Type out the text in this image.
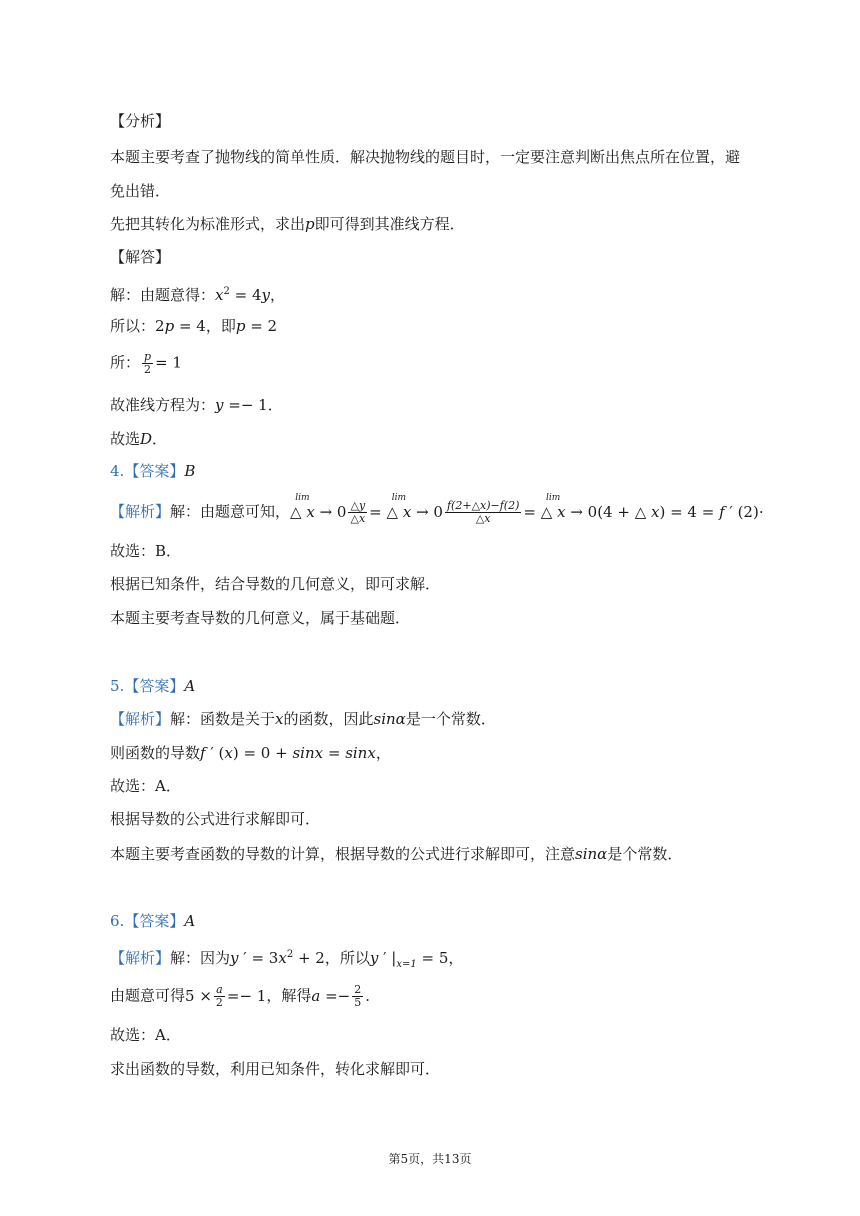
【分析】
本题主要考查了抛物线的简单性质．解决抛物线的题目时，一定要注意判断出焦点所在位置，避
免出错．
先把其转化为标准形式，求出p即可得到其准线方程．
【解答】
解：由题意得：$x^2 = 4y$，
所以：2p = 4，即p = 2
所： $\frac{p}{2} = 1$
故准线方程为：y =− 1．
故选D．
4.【答案】B
【解析】解：由题意可知，△ x
lim
→ $0 \frac{\triangle y}{\triangle x}$ = △ x
lim
→ $0 \frac{f(2+\triangle x)-f(2)}{\triangle x}$ = △ x
lim
→ 0(4 + △ x) = 4 = f ′ (2)·
故选：B．
根据已知条件，结合导数的几何意义，即可求解．
本题主要考查导数的几何意义，属于基础题．
5.【答案】A
【解析】解：函数是关于x的函数，因此sinα是一个常数．
则函数的导数f ′ (x) = 0 + sinx = sinx，
故选：A．
根据导数的公式进行求解即可．
本题主要考查函数的导数的计算，根据导数的公式进行求解即可，注意sinα是个常数．
6.【答案】A
【解析】解：因为y ′ = $3x^2 + 2$，所以y ′ $|_{x=1} = 5$，
由题意可得$5 \times \frac{a}{2} =- 1$，解得$a =- \frac{2}{5}$ ．
故选：A．
求出函数的导数，利用已知条件，转化求解即可．
第5页，共13页
